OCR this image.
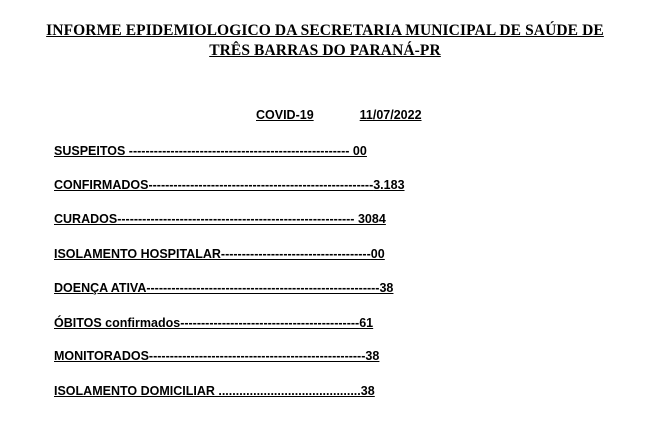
INFORME EPIDEMIOLOGICO DA SECRETARIA MUNICIPAL DE SAÚDE DE
TRÊS BARRAS DO PARANÁ-PR
COVID-19	11/07/2022
SUSPEITOS ----------------------------------------------------- 00
CONFIRMADOS------------------------------------------------------3.183
CURADOS--------------------------------------------------------- 3084
ISOLAMENTO HOSPITALAR------------------------------------00
DOENÇA ATIVA--------------------------------------------------------38
ÓBITOS confirmados-------------------------------------------61
MONITORADOS----------------------------------------------------38
ISOLAMENTO DOMICILIAR .........................................38
